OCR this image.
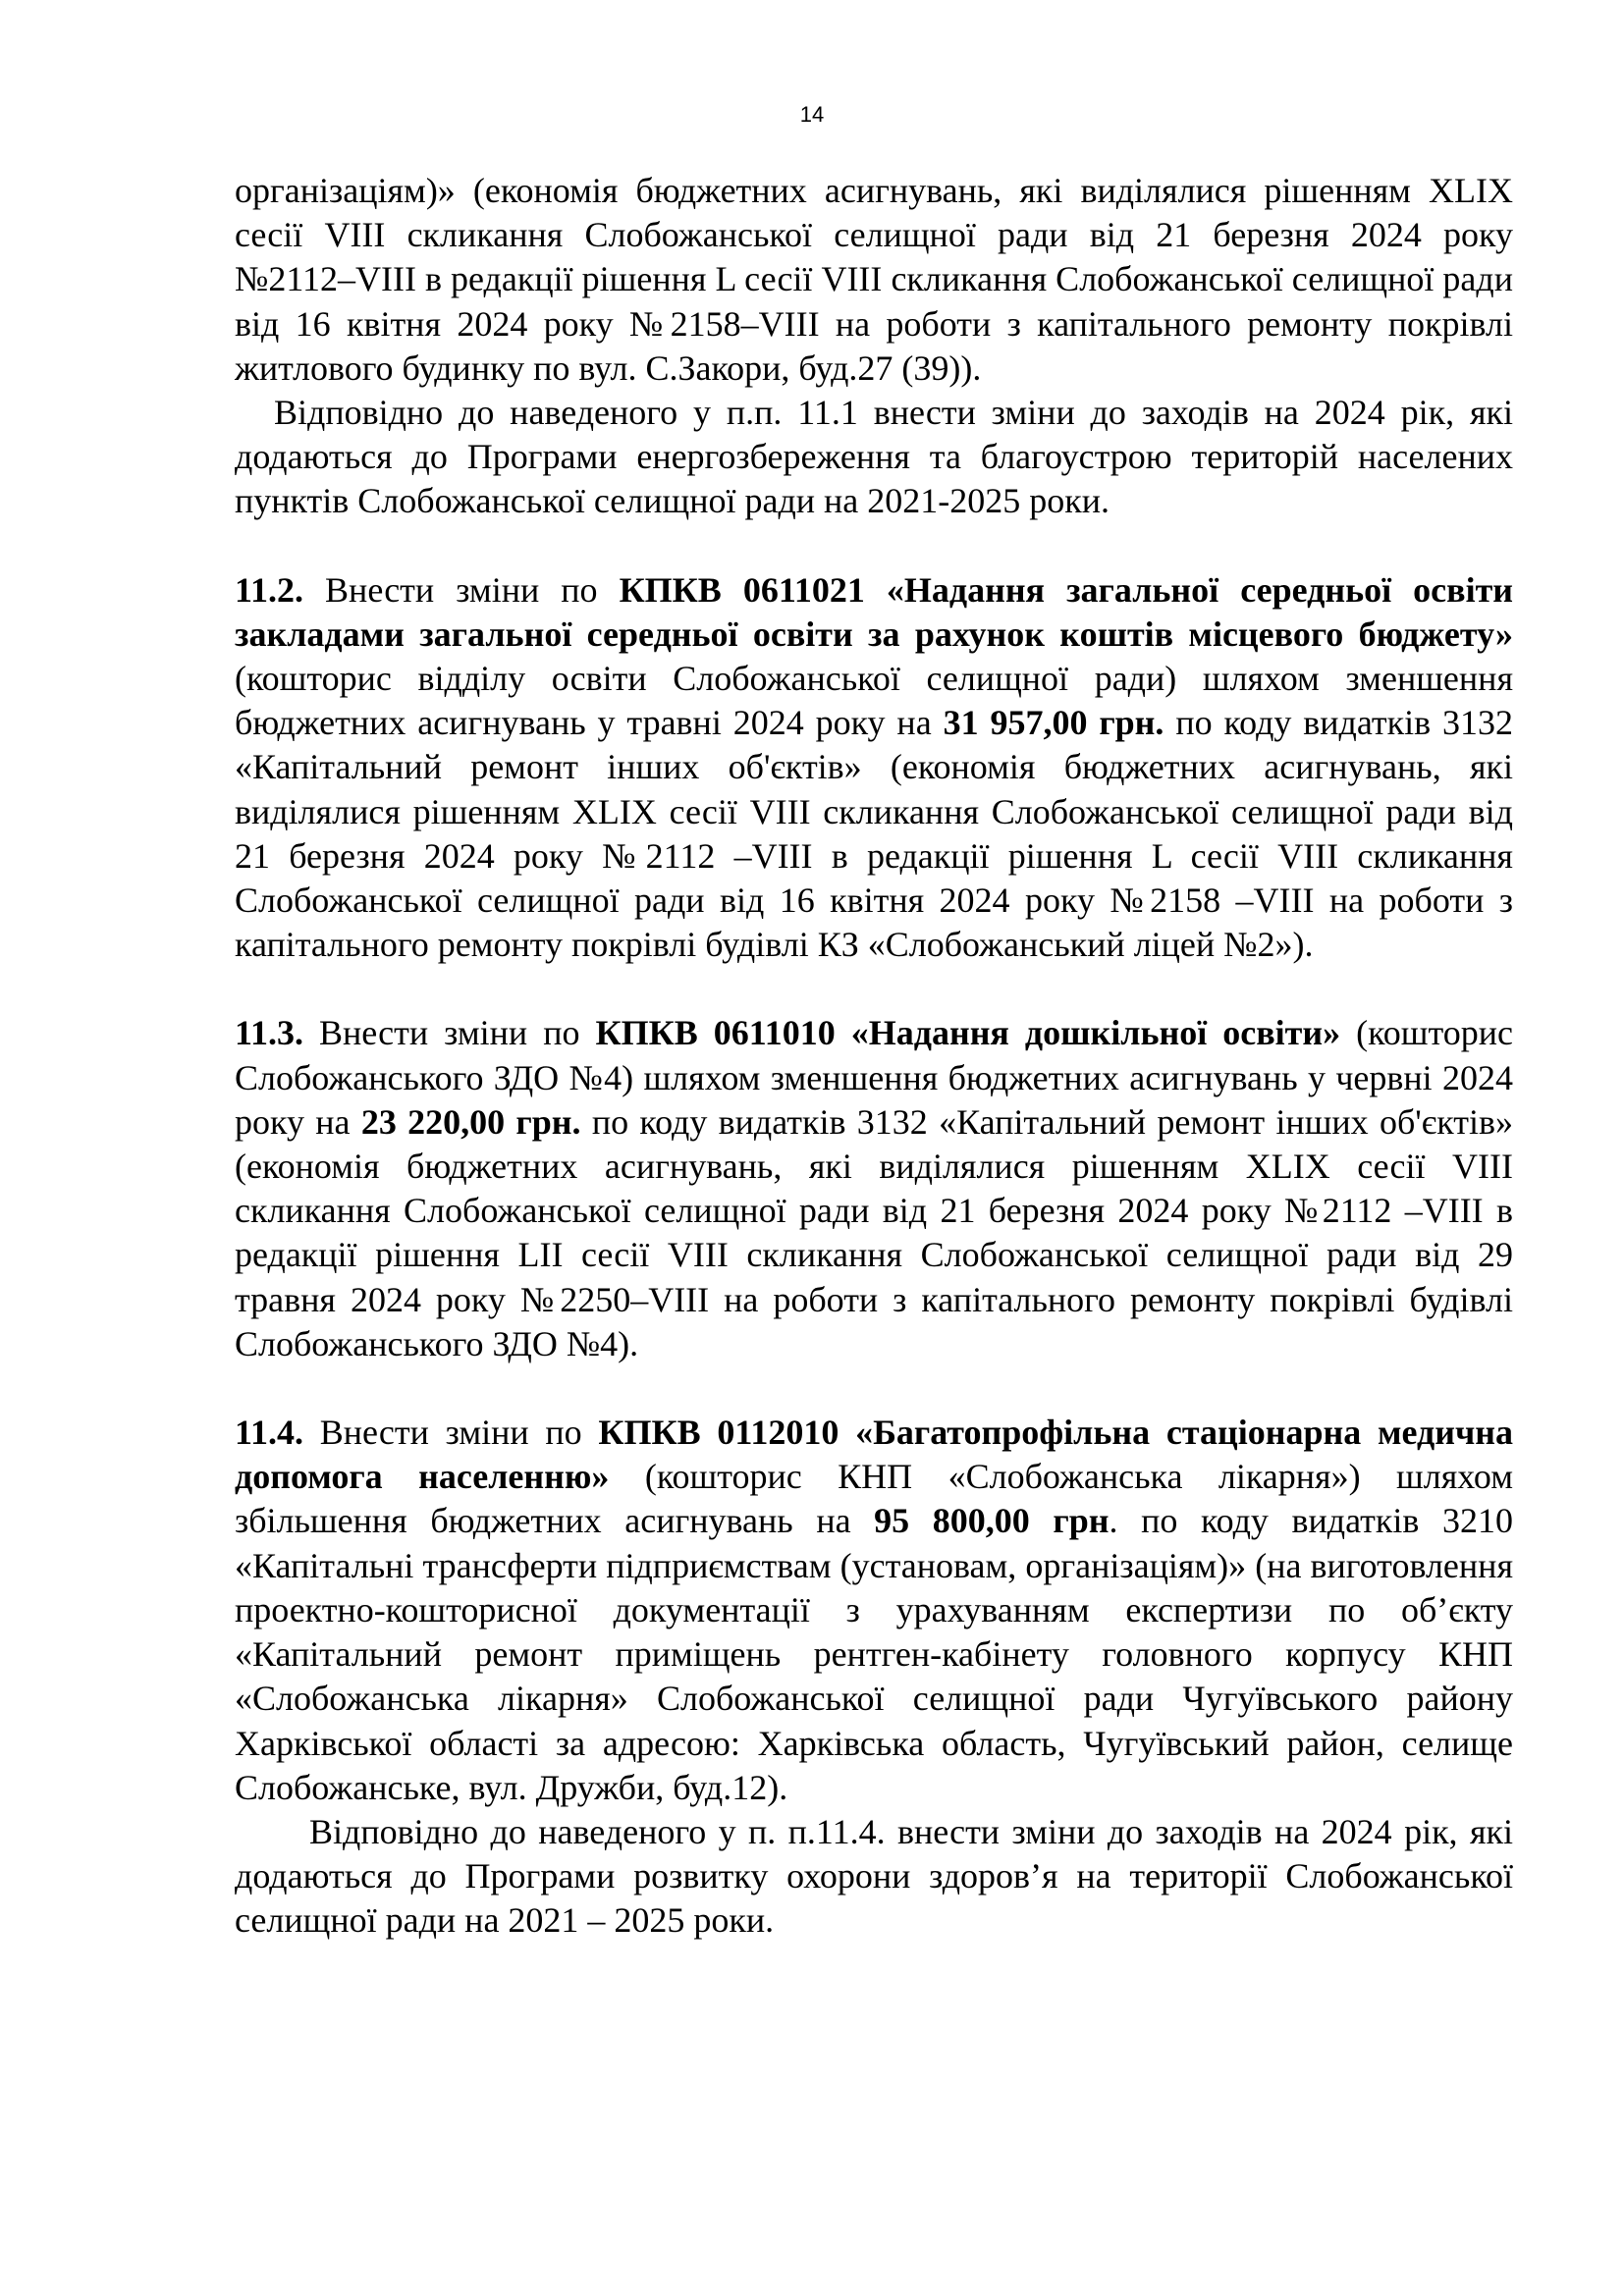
14

організаціям)» (економія бюджетних асигнувань, які виділялися рішенням XLIX сесії VIII скликання Слобожанської селищної ради від 21 березня 2024 року №2112–VIII в редакції рішення L сесії VIII скликання Слобожанської селищної ради від 16 квітня 2024 року №2158–VIII на роботи з капітального ремонту покрівлі житлового будинку по вул. С.Закори, буд.27 (39)).

Відповідно до наведеного у п.п. 11.1 внести зміни до заходів на 2024 рік, які додаються до Програми енергозбереження та благоустрою територій населених пунктів Слобожанської селищної ради на 2021-2025 роки.

11.2. Внести зміни по КПКВ 0611021 «Надання загальної середньої освіти закладами загальної середньої освіти за рахунок коштів місцевого бюджету» (кошторис відділу освіти Слобожанської селищної ради) шляхом зменшення бюджетних асигнувань у травні 2024 року на 31 957,00 грн. по коду видатків 3132 «Капітальний ремонт інших об'єктів» (економія бюджетних асигнувань, які виділялися рішенням XLIX сесії VIII скликання Слобожанської селищної ради від 21 березня 2024 року №2112 –VIII в редакції рішення L сесії VIII скликання Слобожанської селищної ради від 16 квітня 2024 року №2158 –VIII на роботи з капітального ремонту покрівлі будівлі КЗ «Слобожанський ліцей №2»).

11.3. Внести зміни по КПКВ 0611010 «Надання дошкільної освіти» (кошторис Слобожанського ЗДО №4) шляхом зменшення бюджетних асигнувань у червні 2024 року на 23 220,00 грн. по коду видатків 3132 «Капітальний ремонт інших об'єктів» (економія бюджетних асигнувань, які виділялися рішенням XLIX сесії VIII скликання Слобожанської селищної ради від 21 березня 2024 року №2112 –VIII в редакції рішення LII сесії VIII скликання Слобожанської селищної ради від 29 травня 2024 року №2250–VIII на роботи з капітального ремонту покрівлі будівлі Слобожанського ЗДО №4).

11.4. Внести зміни по КПКВ 0112010 «Багатопрофільна стаціонарна медична допомога населенню» (кошторис КНП «Слобожанська лікарня») шляхом збільшення бюджетних асигнувань на 95 800,00 грн. по коду видатків 3210 «Капітальні трансферти підприємствам (установам, організаціям)» (на виготовлення проектно-кошторисної документації з урахуванням експертизи по об’єкту «Капітальний ремонт приміщень рентген-кабінету головного корпусу КНП «Слобожанська лікарня» Слобожанської селищної ради Чугуївського району Харківської області за адресою: Харківська область, Чугуївський район, селище Слобожанське, вул. Дружби, буд.12).

Відповідно до наведеного у п. п.11.4. внести зміни до заходів на 2024 рік, які додаються до Програми розвитку охорони здоров’я на території Слобожанської селищної ради на 2021 – 2025 роки.
